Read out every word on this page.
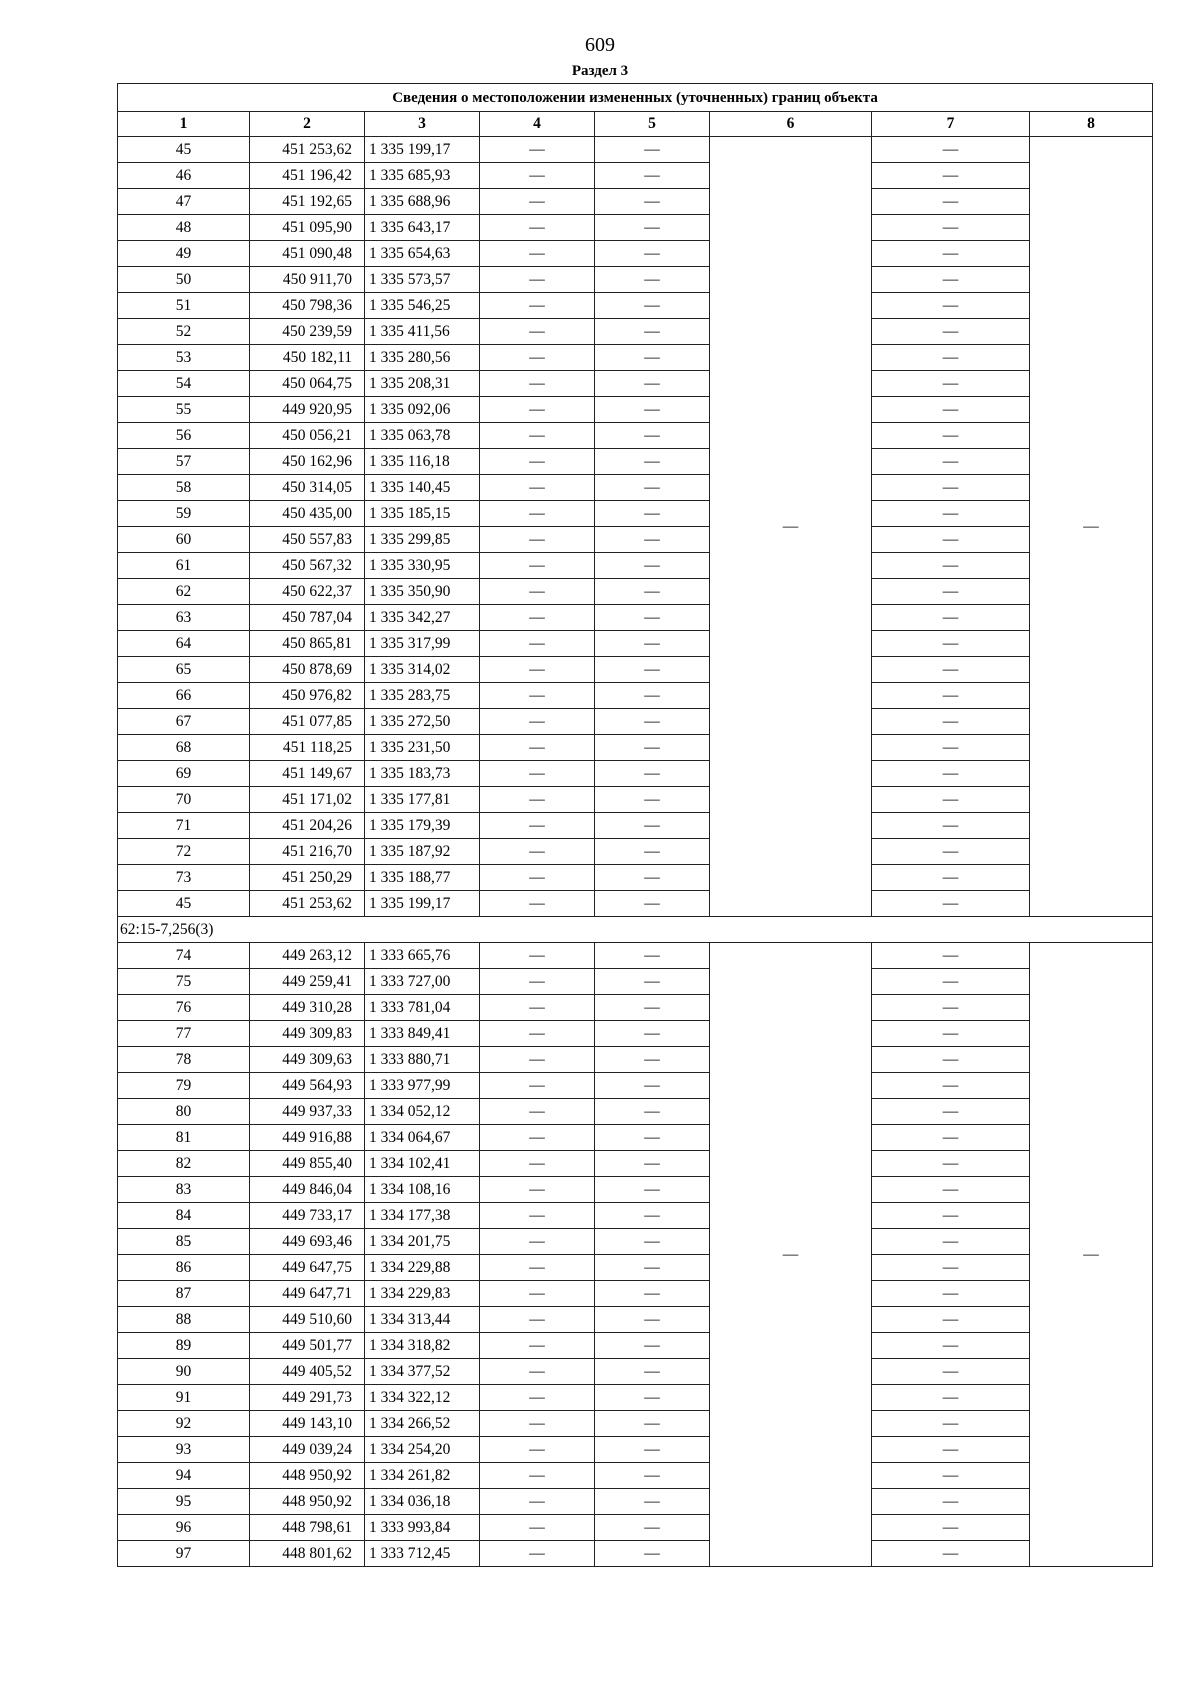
609
Раздел 3
Сведения о местоположении измененных (уточненных) границ объекта							
1	2	3	4	5	6	7	8
45	451 253,62	1 335 199,17	—	—	—	—	—
46	451 196,42	1 335 685,93	—	—		—	
47	451 192,65	1 335 688,96	—	—		—	
48	451 095,90	1 335 643,17	—	—		—	
49	451 090,48	1 335 654,63	—	—		—	
50	450 911,70	1 335 573,57	—	—		—	
51	450 798,36	1 335 546,25	—	—		—	
52	450 239,59	1 335 411,56	—	—		—	
53	450 182,11	1 335 280,56	—	—		—	
54	450 064,75	1 335 208,31	—	—		—	
55	449 920,95	1 335 092,06	—	—		—	
56	450 056,21	1 335 063,78	—	—		—	
57	450 162,96	1 335 116,18	—	—		—	
58	450 314,05	1 335 140,45	—	—		—	
59	450 435,00	1 335 185,15	—	—		—	
60	450 557,83	1 335 299,85	—	—		—	
61	450 567,32	1 335 330,95	—	—		—	
62	450 622,37	1 335 350,90	—	—		—	
63	450 787,04	1 335 342,27	—	—		—	
64	450 865,81	1 335 317,99	—	—		—	
65	450 878,69	1 335 314,02	—	—		—	
66	450 976,82	1 335 283,75	—	—		—	
67	451 077,85	1 335 272,50	—	—		—	
68	451 118,25	1 335 231,50	—	—		—	
69	451 149,67	1 335 183,73	—	—		—	
70	451 171,02	1 335 177,81	—	—		—	
71	451 204,26	1 335 179,39	—	—		—	
72	451 216,70	1 335 187,92	—	—		—	
73	451 250,29	1 335 188,77	—	—		—	
45	451 253,62	1 335 199,17	—	—		—	
62:15-7,256(3)							
74	449 263,12	1 333 665,76	—	—	—	—	—
75	449 259,41	1 333 727,00	—	—		—	
76	449 310,28	1 333 781,04	—	—		—	
77	449 309,83	1 333 849,41	—	—		—	
78	449 309,63	1 333 880,71	—	—		—	
79	449 564,93	1 333 977,99	—	—		—	
80	449 937,33	1 334 052,12	—	—		—	
81	449 916,88	1 334 064,67	—	—		—	
82	449 855,40	1 334 102,41	—	—		—	
83	449 846,04	1 334 108,16	—	—		—	
84	449 733,17	1 334 177,38	—	—		—	
85	449 693,46	1 334 201,75	—	—		—	
86	449 647,75	1 334 229,88	—	—		—	
87	449 647,71	1 334 229,83	—	—		—	
88	449 510,60	1 334 313,44	—	—		—	
89	449 501,77	1 334 318,82	—	—		—	
90	449 405,52	1 334 377,52	—	—		—	
91	449 291,73	1 334 322,12	—	—		—	
92	449 143,10	1 334 266,52	—	—		—	
93	449 039,24	1 334 254,20	—	—		—	
94	448 950,92	1 334 261,82	—	—		—	
95	448 950,92	1 334 036,18	—	—		—	
96	448 798,61	1 333 993,84	—	—		—	
97	448 801,62	1 333 712,45	—	—		—	
